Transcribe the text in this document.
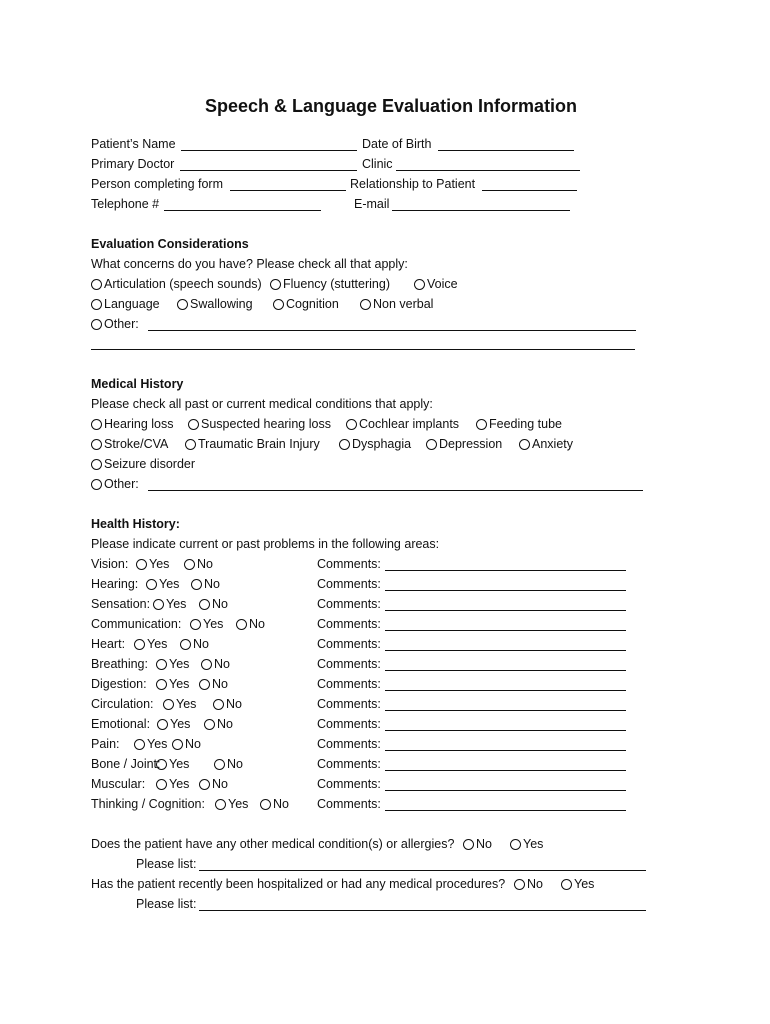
Speech & Language Evaluation Information
Patient’s Name	Date of Birth
Primary Doctor	Clinic
Person completing form	Relationship to Patient
Telephone #	E-mail
Evaluation Considerations
What concerns do you have? Please check all that apply:
Articulation (speech sounds)	Fluency (stuttering)	Voice
Language	Swallowing	Cognition	Non verbal
Other:
Medical History
Please check all past or current medical conditions that apply:
Hearing loss	Suspected hearing loss	Cochlear implants	Feeding tube
Stroke/CVA	Traumatic Brain Injury	Dysphagia	Depression	Anxiety
Seizure disorder
Other:
Health History:
Please indicate current or past problems in the following areas:
Vision:	Yes	No	Comments:
Hearing:	Yes	No	Comments:
Sensation:	Yes	No	Comments:
Communication:	Yes	No	Comments:
Heart:	Yes	No	Comments:
Breathing:	Yes	No	Comments:
Digestion:	Yes	No	Comments:
Circulation:	Yes	No	Comments:
Emotional:	Yes	No	Comments:
Pain:	Yes	No	Comments:
Bone / Joint: Yes	No	Comments:
Muscular:	Yes	No	Comments:
Thinking / Cognition:	Yes	No Comments:
Does the patient have any other medical condition(s) or allergies?	No	Yes
Please list:
Has the patient recently been hospitalized or had any medical procedures?	No	Yes
Please list:
